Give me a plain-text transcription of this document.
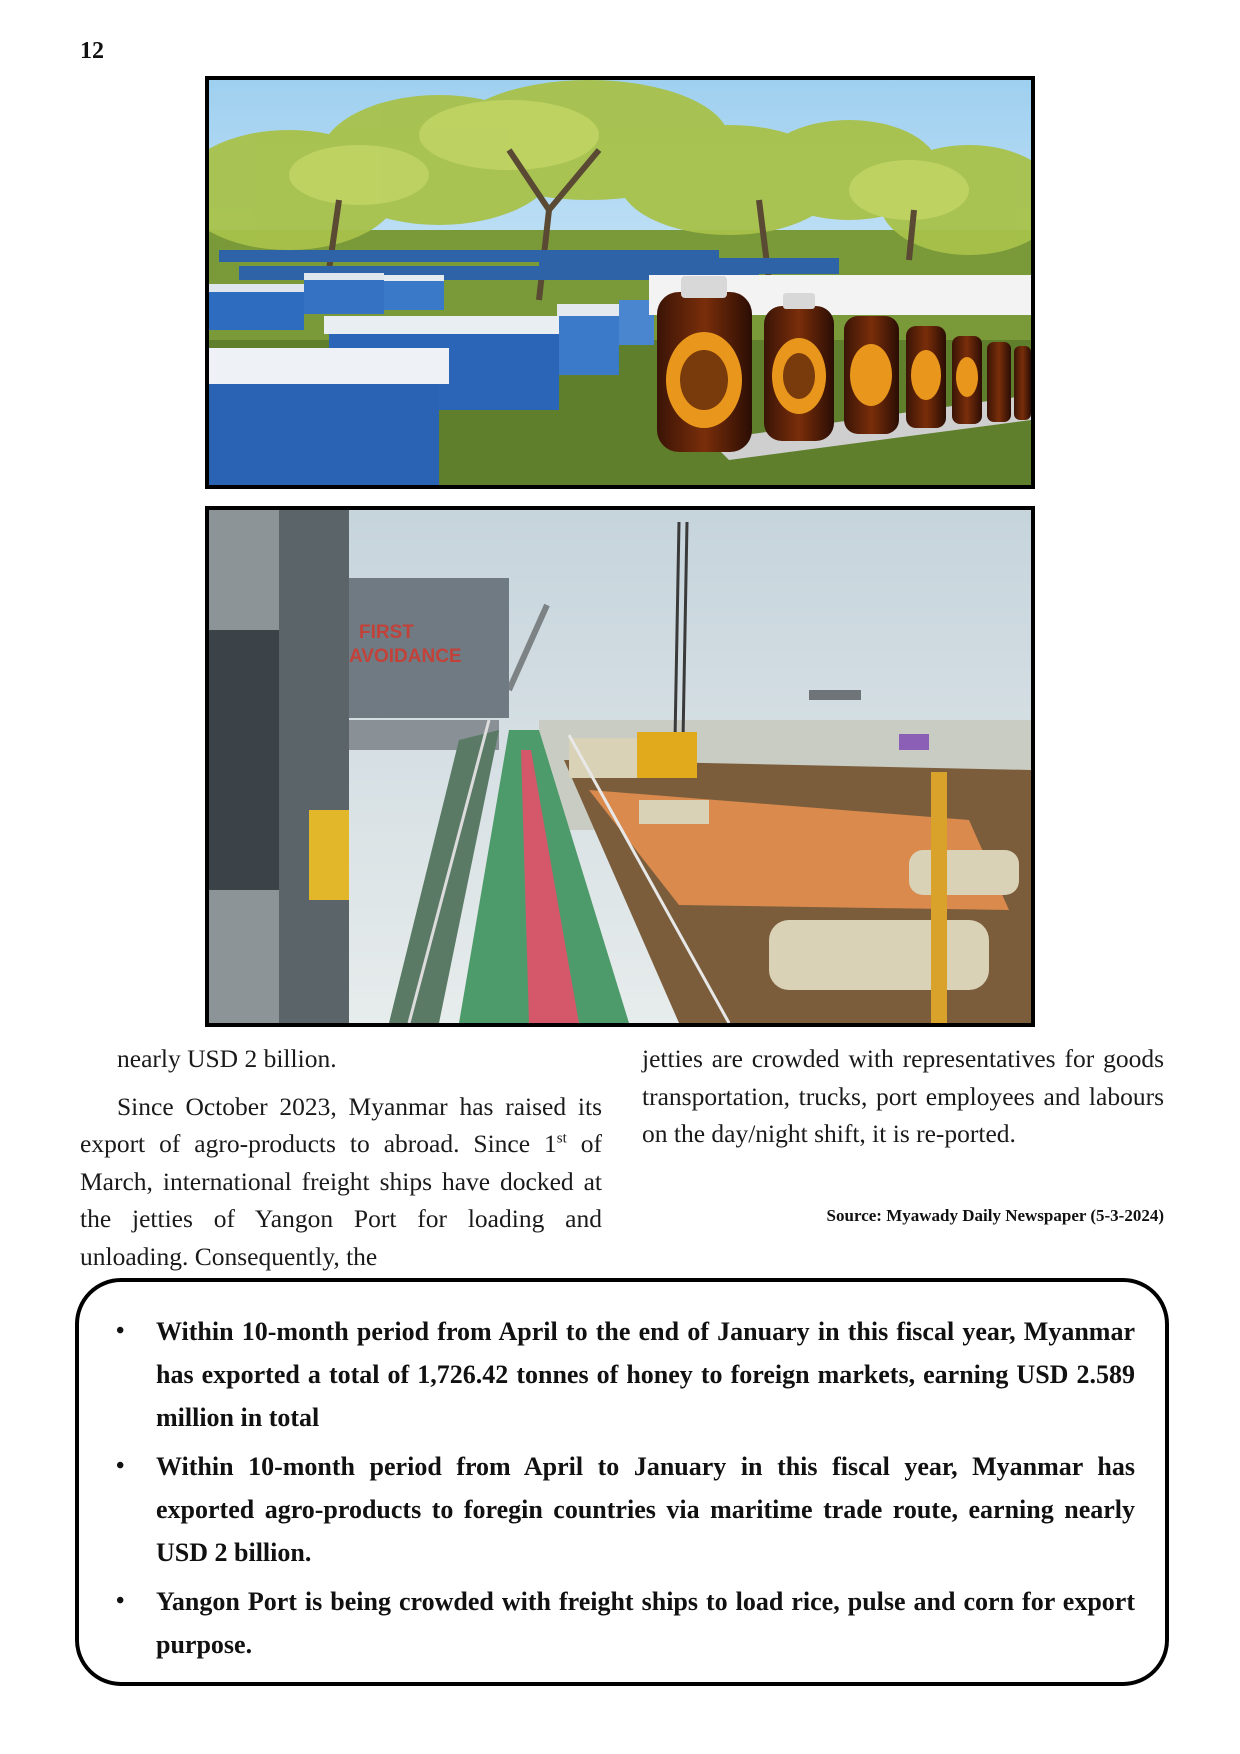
12
FIRST
AVOIDANCE

nearly USD 2 billion.

Since October 2023, Myanmar has raised its export of agro-products to abroad. Since 1st of March, international freight ships have docked at the jetties of Yangon Port for loading and unloading. Consequently, the

jetties are crowded with representatives for goods transportation, trucks, port employees and labours on the day/night shift, it is re-ported.

Source: Myawady Daily Newspaper (5-3-2024)
• Within 10-month period from April to the end of January in this fiscal year, Myanmar has exported a total of 1,726.42 tonnes of honey to foreign markets, earning USD 2.589 million in total
• Within 10-month period from April to January in this fiscal year, Myanmar has exported agro-products to foregin countries via maritime trade route, earning nearly USD 2 billion.
• Yangon Port is being crowded with freight ships to load rice, pulse and corn for export purpose.
